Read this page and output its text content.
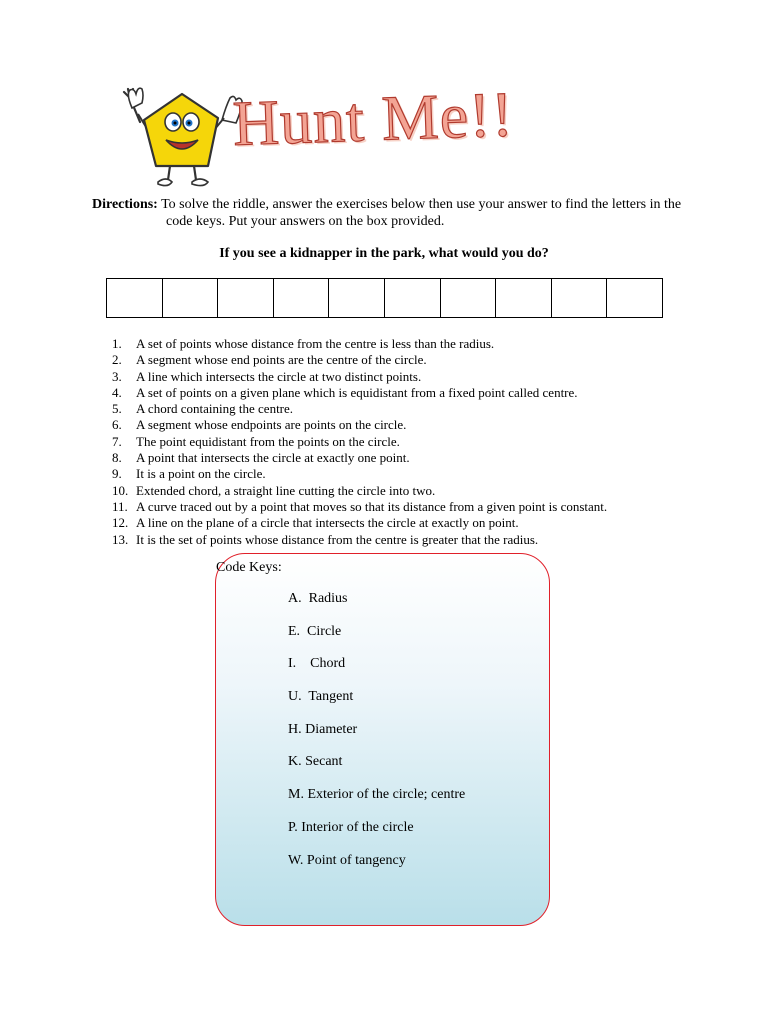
Hunt Me!!
Directions: To solve the riddle, answer the exercises below then use your answer to find the letters in the
code keys. Put your answers on the box provided.
If you see a kidnapper in the park, what would you do?
1.	A set of points whose distance from the centre is less than the radius.
2.	A segment whose end points are the centre of the circle.
3.	A line which intersects the circle at two distinct points.
4.	A set of points on a given plane which is equidistant from a fixed point called centre.
5.	A chord containing the centre.
6.	A segment whose endpoints are points on the circle.
7.	The point equidistant from the points on the circle.
8.	A point that intersects the circle at exactly one point.
9.	It is a point on the circle.
10. Extended chord, a straight line cutting the circle into two.
11. A curve traced out by a point that moves so that its distance from a given point is constant.
12. A line on the plane of a circle that intersects the circle at exactly on point.
13. It is the set of points whose distance from the centre is greater that the radius.
Code Keys:
A.  Radius
E.  Circle
I.    Chord
U.  Tangent
H. Diameter
K. Secant
M. Exterior of the circle; centre
P. Interior of the circle
W. Point of tangency
